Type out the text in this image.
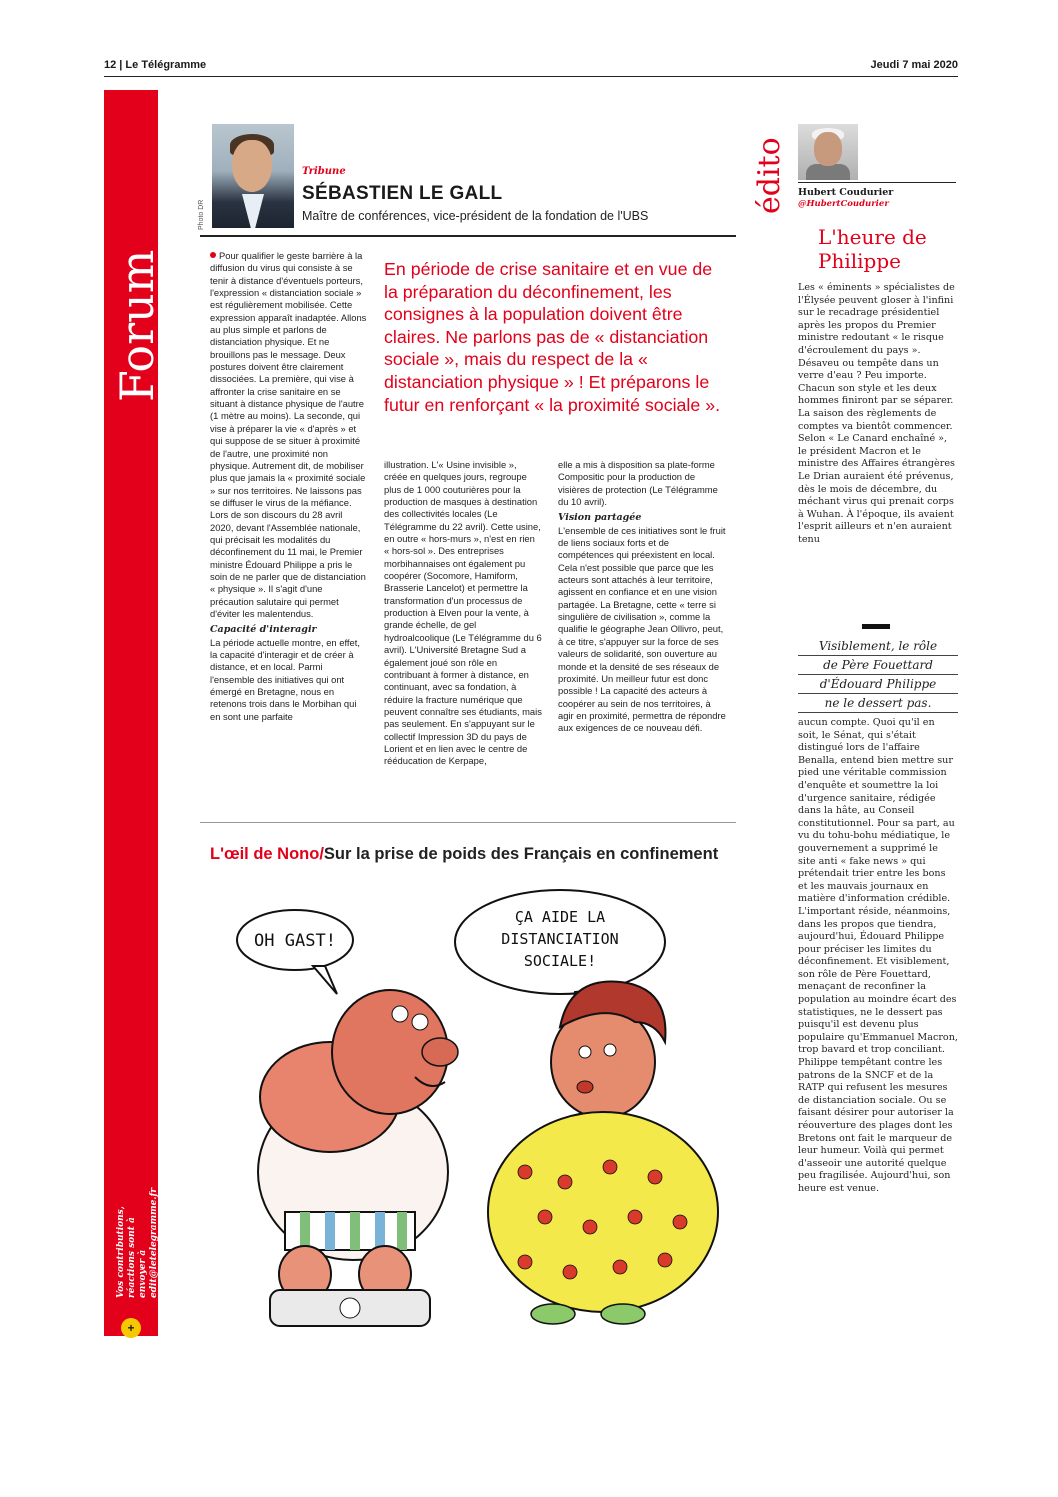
12 | Le Télégramme	Jeudi 7 mai 2020
Forum
Vos contributions, réactions sont à envoyer à edit@letelegramme.fr
+
Photo DR
Tribune
SÉBASTIEN LE GALL
Maître de conférences, vice-président de la fondation de l'UBS

Pour qualifier le geste barrière à la diffusion du virus qui consiste à se tenir à distance d'éventuels porteurs, l'expression « distanciation sociale » est régulièrement mobilisée. Cette expression apparaît inadaptée. Allons au plus simple et parlons de distanciation physique. Et ne brouillons pas le message. Deux postures doivent être clairement dissociées. La première, qui vise à affronter la crise sanitaire en se situant à distance physique de l'autre (1 mètre au moins). La seconde, qui vise à préparer la vie « d'après » et qui suppose de se situer à proximité de l'autre, une proximité non physique. Autrement dit, de mobiliser plus que jamais la « proximité sociale » sur nos territoires. Ne laissons pas se diffuser le virus de la méfiance. Lors de son discours du 28 avril 2020, devant l'Assemblée nationale, qui précisait les modalités du déconfinement du 11 mai, le Premier ministre Édouard Philippe a pris le soin de ne parler que de distanciation « physique ». Il s'agit d'une précaution salutaire qui permet d'éviter les malentendus.

Capacité d'interagir

La période actuelle montre, en effet, la capacité d'interagir et de créer à distance, et en local. Parmi l'ensemble des initiatives qui ont émergé en Bretagne, nous en retenons trois dans le Morbihan qui en sont une parfaite

En période de crise sanitaire et en vue de la préparation du déconfinement, les consignes à la population doivent être claires. Ne parlons pas de « distanciation sociale », mais du respect de la « distanciation physique » ! Et préparons le futur en renforçant « la proximité sociale ».

illustration. L'« Usine invisible », créée en quelques jours, regroupe plus de 1 000 couturières pour la production de masques à destination des collectivités locales (Le Télégramme du 22 avril). Cette usine, en outre « hors-murs », n'est en rien « hors-sol ». Des entreprises morbihannaises ont également pu coopérer (Socomore, Hamiform, Brasserie Lancelot) et permettre la transformation d'un processus de production à Elven pour la vente, à grande échelle, de gel hydroalcoolique (Le Télégramme du 6 avril). L'Université Bretagne Sud a également joué son rôle en contribuant à former à distance, en continuant, avec sa fondation, à réduire la fracture numérique que peuvent connaître ses étudiants, mais pas seulement. En s'appuyant sur le collectif Impression 3D du pays de Lorient et en lien avec le centre de rééducation de Kerpape,

elle a mis à disposition sa plate-forme Compositic pour la production de visières de protection (Le Télégramme du 10 avril).

Vision partagée

L'ensemble de ces initiatives sont le fruit de liens sociaux forts et de compétences qui préexistent en local. Cela n'est possible que parce que les acteurs sont attachés à leur territoire, agissent en confiance et en une vision partagée. La Bretagne, cette « terre si singulière de civilisation », comme la qualifie le géographe Jean Ollivro, peut, à ce titre, s'appuyer sur la force de ses valeurs de solidarité, son ouverture au monde et la densité de ses réseaux de proximité. Un meilleur futur est donc possible ! La capacité des acteurs à coopérer au sein de nos territoires, à agir en proximité, permettra de répondre aux exigences de ce nouveau défi.

L'œil de Nono/Sur la prise de poids des Français en confinement
OH GAST!
ÇA AIDE LA
DISTANCIATION
SOCIALE!
édito Hubert Coudurier
@HubertCoudurier
L'heure de Philippe
Les « éminents » spécialistes de l'Élysée peuvent gloser à l'infini sur le recadrage présidentiel après les propos du Premier ministre redoutant « le risque d'écroulement du pays ». Désaveu ou tempête dans un verre d'eau ? Peu importe. Chacun son style et les deux hommes finiront par se séparer. La saison des règlements de comptes va bientôt commencer. Selon « Le Canard enchaîné », le président Macron et le ministre des Affaires étrangères Le Drian auraient été prévenus, dès le mois de décembre, du méchant virus qui prenait corps à Wuhan. À l'époque, ils avaient l'esprit ailleurs et n'en auraient tenu
Visiblement, le rôle
de Père Fouettard
d'Édouard Philippe
ne le dessert pas.
aucun compte. Quoi qu'il en soit, le Sénat, qui s'était distingué lors de l'affaire Benalla, entend bien mettre sur pied une véritable commission d'enquête et soumettre la loi d'urgence sanitaire, rédigée dans la hâte, au Conseil constitutionnel. Pour sa part, au vu du tohu-bohu médiatique, le gouvernement a supprimé le site anti « fake news » qui prétendait trier entre les bons et les mauvais journaux en matière d'information crédible. L'important réside, néanmoins, dans les propos que tiendra, aujourd'hui, Édouard Philippe pour préciser les limites du déconfinement. Et visiblement, son rôle de Père Fouettard, menaçant de reconfiner la population au moindre écart des statistiques, ne le dessert pas puisqu'il est devenu plus populaire qu'Emmanuel Macron, trop bavard et trop conciliant. Philippe tempêtant contre les patrons de la SNCF et de la RATP qui refusent les mesures de distanciation sociale. Ou se faisant désirer pour autoriser la réouverture des plages dont les Bretons ont fait le marqueur de leur humeur. Voilà qui permet d'asseoir une autorité quelque peu fragilisée. Aujourd'hui, son heure est venue.
